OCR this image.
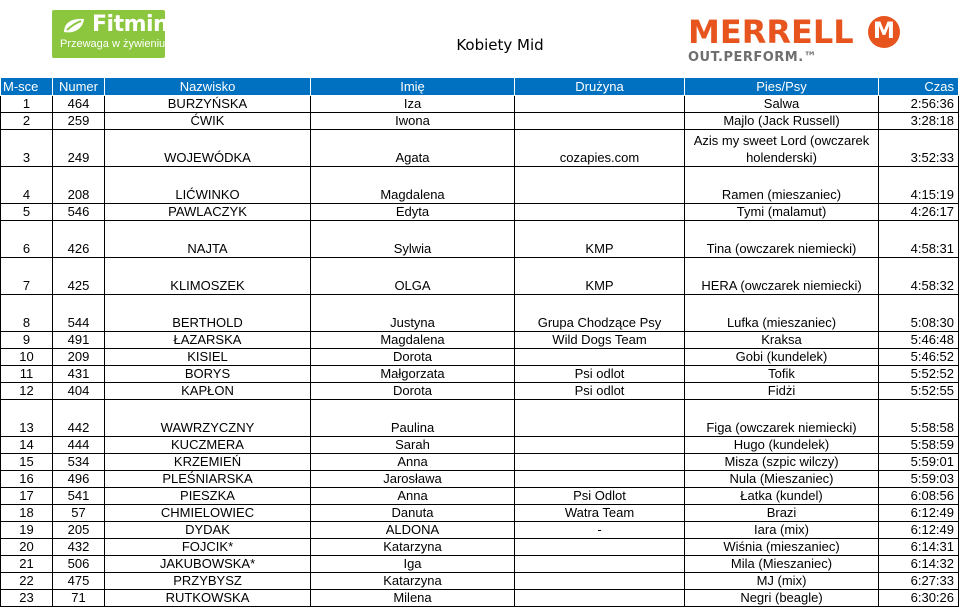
Fitmin
Przewaga w żywieniu	Kobiety Mid	MERRELL M
OUT.PERFORM.™
M-sce	Numer	Nazwisko	Imię	Drużyna	Pies/Psy	Czas
1	464	BURZYŃSKA	Iza		Salwa	2:56:36
2	259	ĆWIK	Iwona		Majlo (Jack Russell)	3:28:18
3	249	WOJEWÓDKA	Agata	cozapies.com	Azis my sweet Lord (owczarek holenderski)	3:52:33
4	208	LIĆWINKO	Magdalena		Ramen (mieszaniec)	4:15:19
5	546	PAWLACZYK	Edyta		Tymi (malamut)	4:26:17
6	426	NAJTA	Sylwia	KMP	Tina (owczarek niemiecki)	4:58:31
7	425	KLIMOSZEK	OLGA	KMP	HERA (owczarek niemiecki)	4:58:32
8	544	BERTHOLD	Justyna	Grupa Chodzące Psy	Lufka (mieszaniec)	5:08:30
9	491	ŁAZARSKA	Magdalena	Wild Dogs Team	Kraksa	5:46:48
10	209	KISIEL	Dorota		Gobi (kundelek)	5:46:52
11	431	BORYS	Małgorzata	Psi odlot	Tofik	5:52:52
12	404	KAPŁON	Dorota	Psi odlot	Fidżi	5:52:55
13	442	WAWRZYCZNY	Paulina		Figa (owczarek niemiecki)	5:58:58
14	444	KUCZMERA	Sarah		Hugo (kundelek)	5:58:59
15	534	KRZEMIEŃ	Anna		Misza (szpic wilczy)	5:59:01
16	496	PLEŚNIARSKA	Jarosława		Nula (Mieszaniec)	5:59:03
17	541	PIESZKA	Anna	Psi Odlot	Łatka (kundel)	6:08:56
18	57	CHMIELOWIEC	Danuta	Watra Team	Brazi	6:12:49
19	205	DYDAK	ALDONA	-	Iara (mix)	6:12:49
20	432	FOJCIK*	Katarzyna		Wiśnia (mieszaniec)	6:14:31
21	506	JAKUBOWSKA*	Iga		Mila (Mieszaniec)	6:14:32
22	475	PRZYBYSZ	Katarzyna		MJ (mix)	6:27:33
23	71	RUTKOWSKA	Milena		Negri (beagle)	6:30:26
